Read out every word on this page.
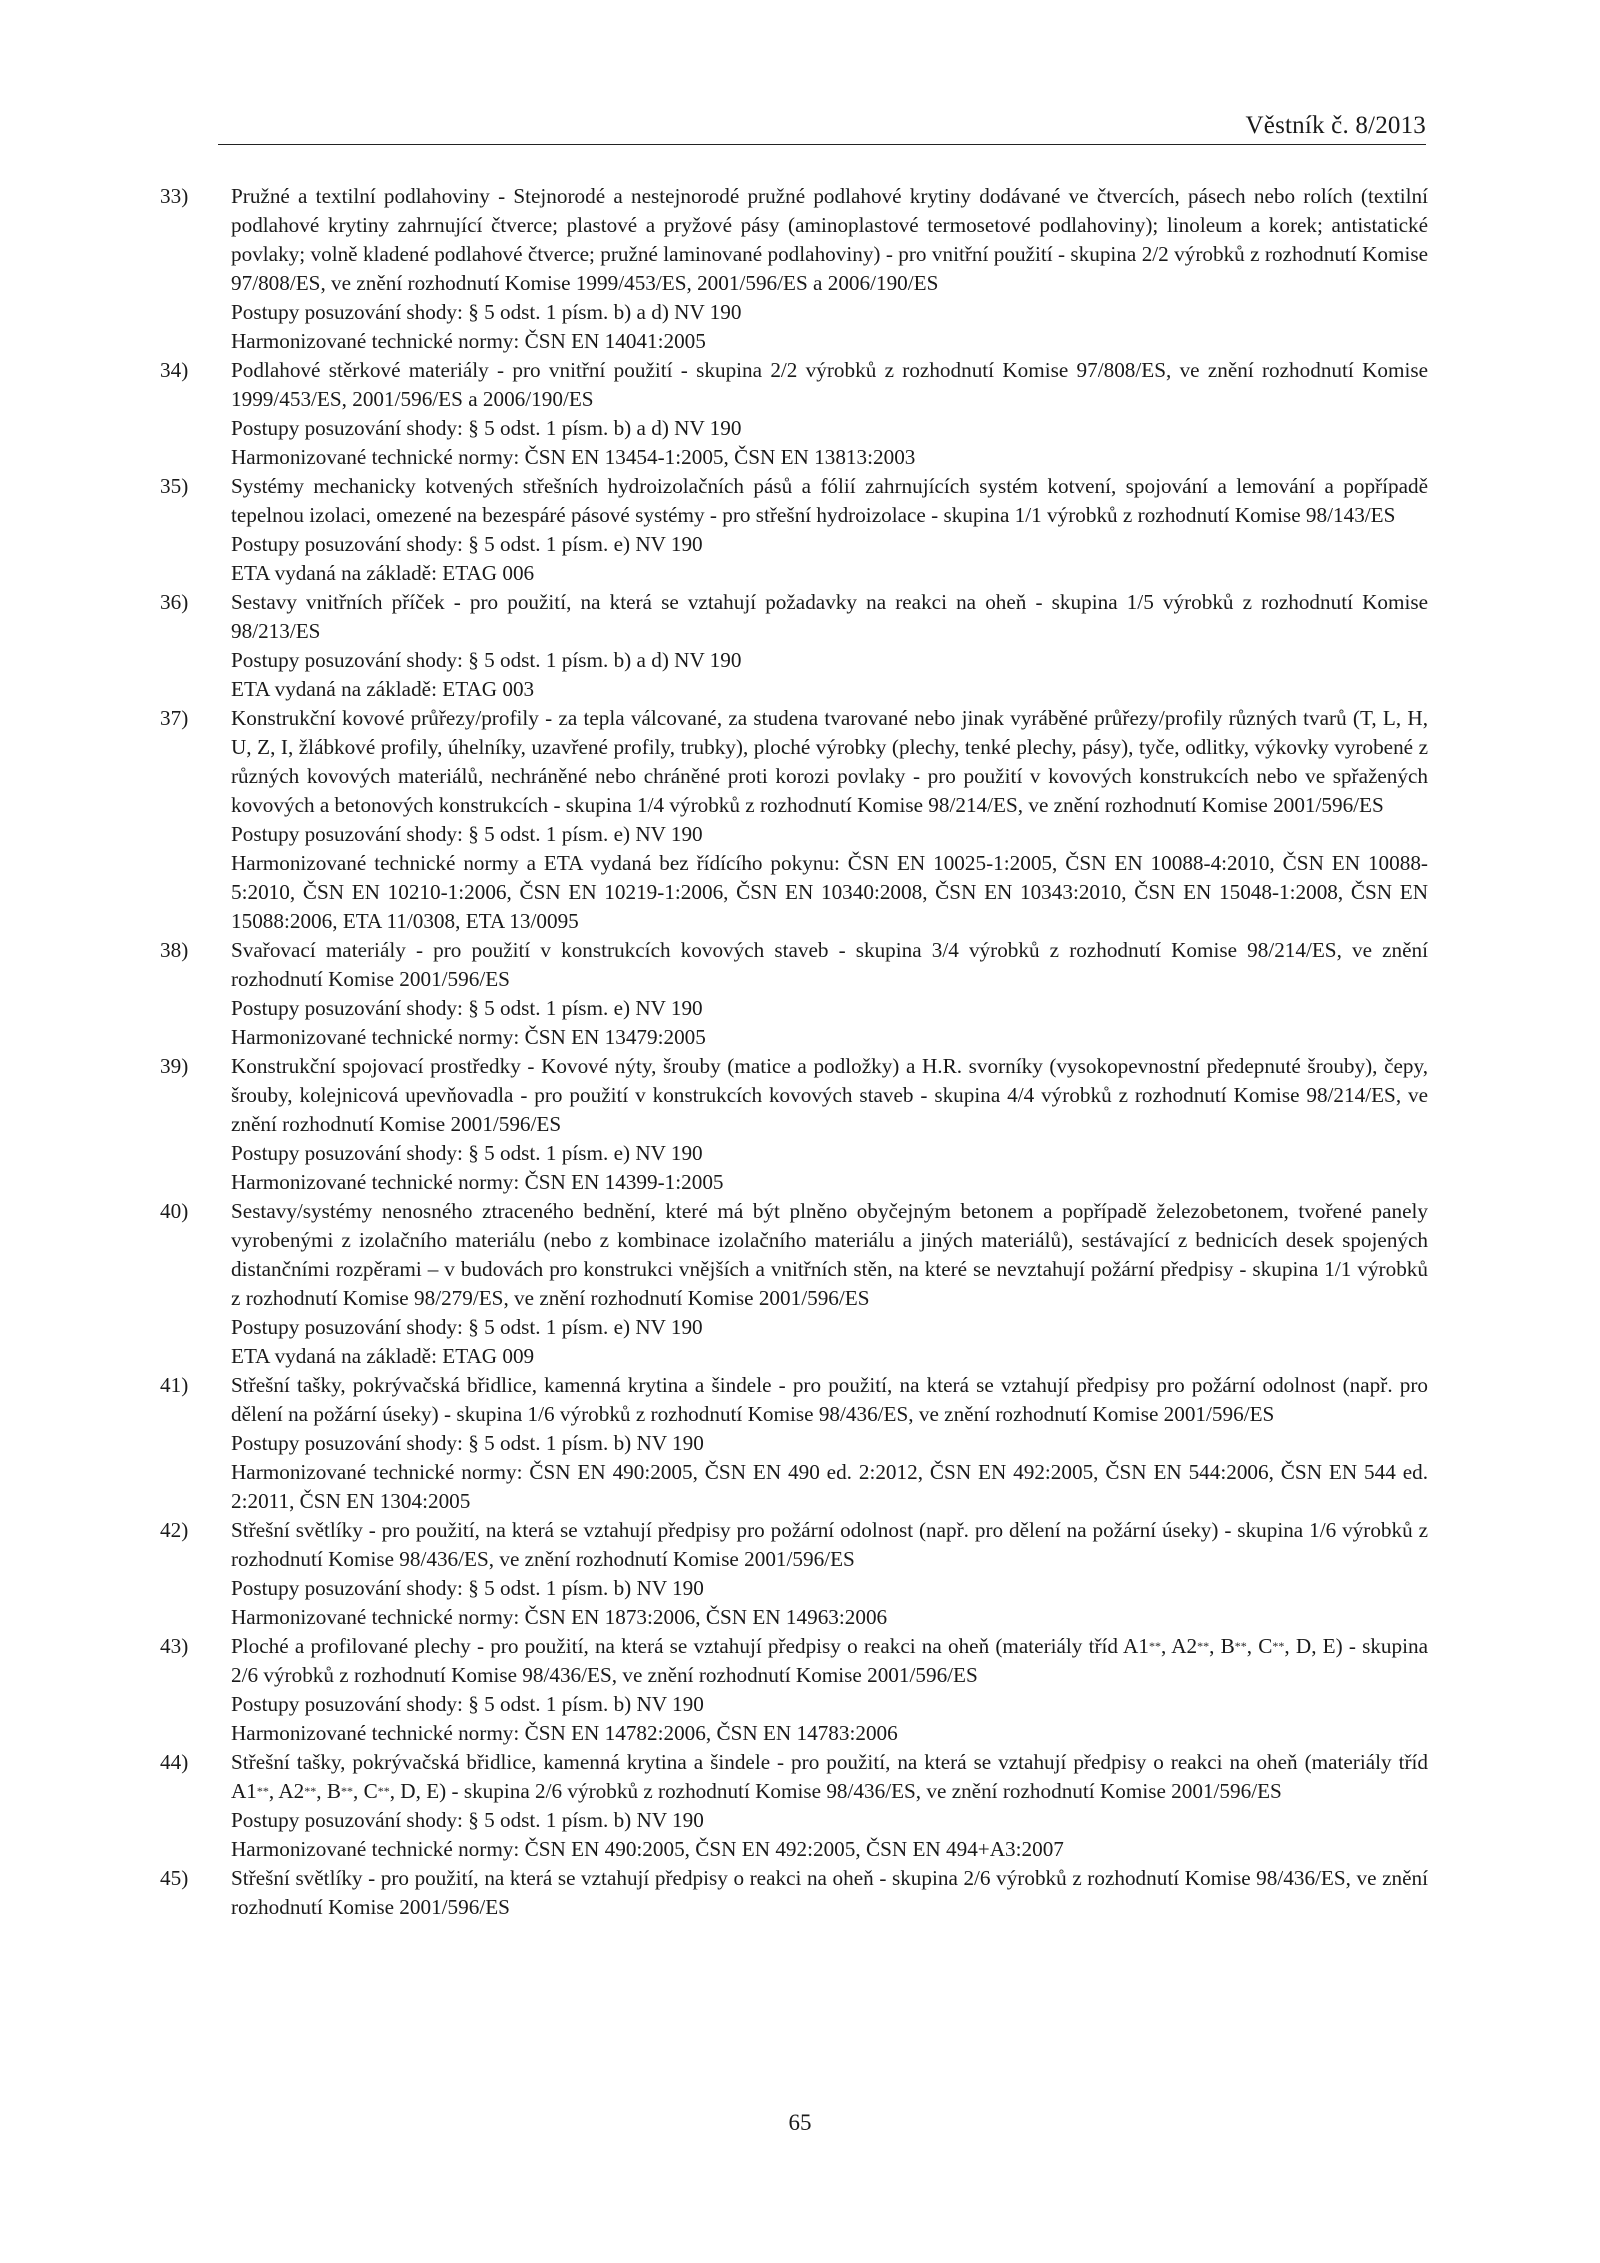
Věstník č. 8/2013
33) Pružné a textilní podlahoviny - Stejnorodé a nestejnorodé pružné podlahové krytiny dodávané ve čtvercích, pásech nebo rolích (textilní podlahové krytiny zahrnující čtverce; plastové a pryžové pásy (aminoplastové termosetové podlahoviny); linoleum a korek; antistatické povlaky; volně kladené podlahové čtverce; pružné laminované podlahoviny) - pro vnitřní použití - skupina 2/2 výrobků z rozhodnutí Komise 97/808/ES, ve znění rozhodnutí Komise 1999/453/ES, 2001/596/ES a 2006/190/ES
Postupy posuzování shody: § 5 odst. 1 písm. b) a d) NV 190
Harmonizované technické normy: ČSN EN 14041:2005
34) Podlahové stěrkové materiály - pro vnitřní použití - skupina 2/2 výrobků z rozhodnutí Komise 97/808/ES, ve znění rozhodnutí Komise 1999/453/ES, 2001/596/ES a 2006/190/ES
Postupy posuzování shody: § 5 odst. 1 písm. b) a d) NV 190
Harmonizované technické normy: ČSN EN 13454-1:2005, ČSN EN 13813:2003
35) Systémy mechanicky kotvených střešních hydroizolačních pásů a fólií zahrnujících systém kotvení, spojování a lemování a popřípadě tepelnou izolaci, omezené na bezespáré pásové systémy - pro střešní hydroizolace - skupina 1/1 výrobků z rozhodnutí Komise 98/143/ES
Postupy posuzování shody: § 5 odst. 1 písm. e) NV 190
ETA vydaná na základě: ETAG 006
36) Sestavy vnitřních příček - pro použití, na která se vztahují požadavky na reakci na oheň - skupina 1/5 výrobků z rozhodnutí Komise 98/213/ES
Postupy posuzování shody: § 5 odst. 1 písm. b) a d) NV 190
ETA vydaná na základě: ETAG 003
37) Konstrukční kovové průřezy/profily - za tepla válcované, za studena tvarované nebo jinak vyráběné průřezy/profily různých tvarů (T, L, H, U, Z, I, žlábkové profily, úhelníky, uzavřené profily, trubky), ploché výrobky (plechy, tenké plechy, pásy), tyče, odlitky, výkovky vyrobené z různých kovových materiálů, nechráněné nebo chráněné proti korozi povlaky - pro použití v kovových konstrukcích nebo ve spřažených kovových a betonových konstrukcích - skupina 1/4 výrobků z rozhodnutí Komise 98/214/ES, ve znění rozhodnutí Komise 2001/596/ES
Postupy posuzování shody: § 5 odst. 1 písm. e) NV 190
Harmonizované technické normy a ETA vydaná bez řídícího pokynu: ČSN EN 10025-1:2005, ČSN EN 10088-4:2010, ČSN EN 10088-5:2010, ČSN EN 10210-1:2006, ČSN EN 10219-1:2006, ČSN EN 10340:2008, ČSN EN 10343:2010, ČSN EN 15048-1:2008, ČSN EN 15088:2006, ETA 11/0308, ETA 13/0095
38) Svařovací materiály - pro použití v konstrukcích kovových staveb - skupina 3/4 výrobků z rozhodnutí Komise 98/214/ES, ve znění rozhodnutí Komise 2001/596/ES
Postupy posuzování shody: § 5 odst. 1 písm. e) NV 190
Harmonizované technické normy: ČSN EN 13479:2005
39) Konstrukční spojovací prostředky - Kovové nýty, šrouby (matice a podložky) a H.R. svorníky (vysokopevnostní předepnuté šrouby), čepy, šrouby, kolejnicová upevňovadla - pro použití v konstrukcích kovových staveb - skupina 4/4 výrobků z rozhodnutí Komise 98/214/ES, ve znění rozhodnutí Komise 2001/596/ES
Postupy posuzování shody: § 5 odst. 1 písm. e) NV 190
Harmonizované technické normy: ČSN EN 14399-1:2005
40) Sestavy/systémy nenosného ztraceného bednění, které má být plněno obyčejným betonem a popřípadě železobetonem, tvořené panely vyrobenými z izolačního materiálu (nebo z kombinace izolačního materiálu a jiných materiálů), sestávající z bednicích desek spojených distančními rozpěrami – v budovách pro konstrukci vnějších a vnitřních stěn, na které se nevztahují požární předpisy - skupina 1/1 výrobků z rozhodnutí Komise 98/279/ES, ve znění rozhodnutí Komise 2001/596/ES
Postupy posuzování shody: § 5 odst. 1 písm. e) NV 190
ETA vydaná na základě: ETAG 009
41) Střešní tašky, pokrývačská břidlice, kamenná krytina a šindele - pro použití, na která se vztahují předpisy pro požární odolnost (např. pro dělení na požární úseky) - skupina 1/6 výrobků z rozhodnutí Komise 98/436/ES, ve znění rozhodnutí Komise 2001/596/ES
Postupy posuzování shody: § 5 odst. 1 písm. b) NV 190
Harmonizované technické normy: ČSN EN 490:2005, ČSN EN 490 ed. 2:2012, ČSN EN 492:2005, ČSN EN 544:2006, ČSN EN 544 ed. 2:2011, ČSN EN 1304:2005
42) Střešní světlíky - pro použití, na která se vztahují předpisy pro požární odolnost (např. pro dělení na požární úseky) - skupina 1/6 výrobků z rozhodnutí Komise 98/436/ES, ve znění rozhodnutí Komise 2001/596/ES
Postupy posuzování shody: § 5 odst. 1 písm. b) NV 190
Harmonizované technické normy: ČSN EN 1873:2006, ČSN EN 14963:2006
43) Ploché a profilované plechy - pro použití, na která se vztahují předpisy o reakci na oheň (materiály tříd A1**, A2**, B**, C**, D, E) - skupina 2/6 výrobků z rozhodnutí Komise 98/436/ES, ve znění rozhodnutí Komise 2001/596/ES
Postupy posuzování shody: § 5 odst. 1 písm. b) NV 190
Harmonizované technické normy: ČSN EN 14782:2006, ČSN EN 14783:2006
44) Střešní tašky, pokrývačská břidlice, kamenná krytina a šindele - pro použití, na která se vztahují předpisy o reakci na oheň (materiály tříd A1**, A2**, B**, C**, D, E) - skupina 2/6 výrobků z rozhodnutí Komise 98/436/ES, ve znění rozhodnutí Komise 2001/596/ES
Postupy posuzování shody: § 5 odst. 1 písm. b) NV 190
Harmonizované technické normy: ČSN EN 490:2005, ČSN EN 492:2005, ČSN EN 494+A3:2007
45) Střešní světlíky - pro použití, na která se vztahují předpisy o reakci na oheň - skupina 2/6 výrobků z rozhodnutí Komise 98/436/ES, ve znění rozhodnutí Komise 2001/596/ES
65
